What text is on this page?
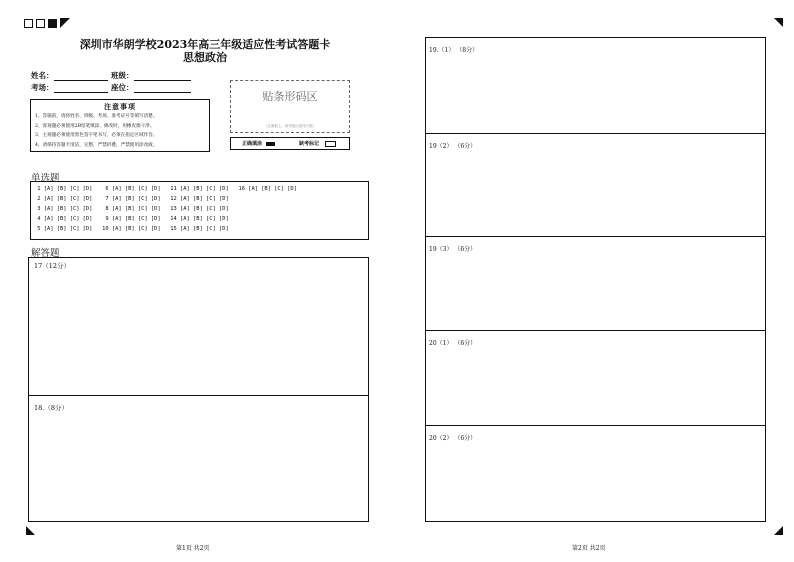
深圳市华朗学校2023年高三年级适应性考试答题卡
思想政治
姓名：	班级：
考场：	座位：
注意事项
1、答题前，请将姓名、班级、考场、准考证号等填写清楚。
2、客观题必须使用2B铅笔填涂，修改时，用橡皮擦干净。
3、主观题必须使用黑色签字笔书写，必须在指定区域作答。
4、请保持答题卡清洁，完整，严禁折叠，严禁使用涂改液。
贴条形码区
（正面朝上，请勿贴出虚线方框）
正确填涂	缺考标记
单选题
1 [A] [B] [C] [D]    6 [A] [B] [C] [D]   11 [A] [B] [C] [D]   16 [A] [B] [C] [D]
2 [A] [B] [C] [D]    7 [A] [B] [C] [D]   12 [A] [B] [C] [D]
3 [A] [B] [C] [D]    8 [A] [B] [C] [D]   13 [A] [B] [C] [D]
4 [A] [B] [C] [D]    9 [A] [B] [C] [D]   14 [A] [B] [C] [D]
5 [A] [B] [C] [D]   10 [A] [B] [C] [D]   15 [A] [B] [C] [D]
解答题
17（12分）
18.（8分）
第1页 共2页
19.（1） （8分）
19（2） （6分）
19（3） （6分）
20（1） （6分）
20（2） （6分）
第2页 共2页
